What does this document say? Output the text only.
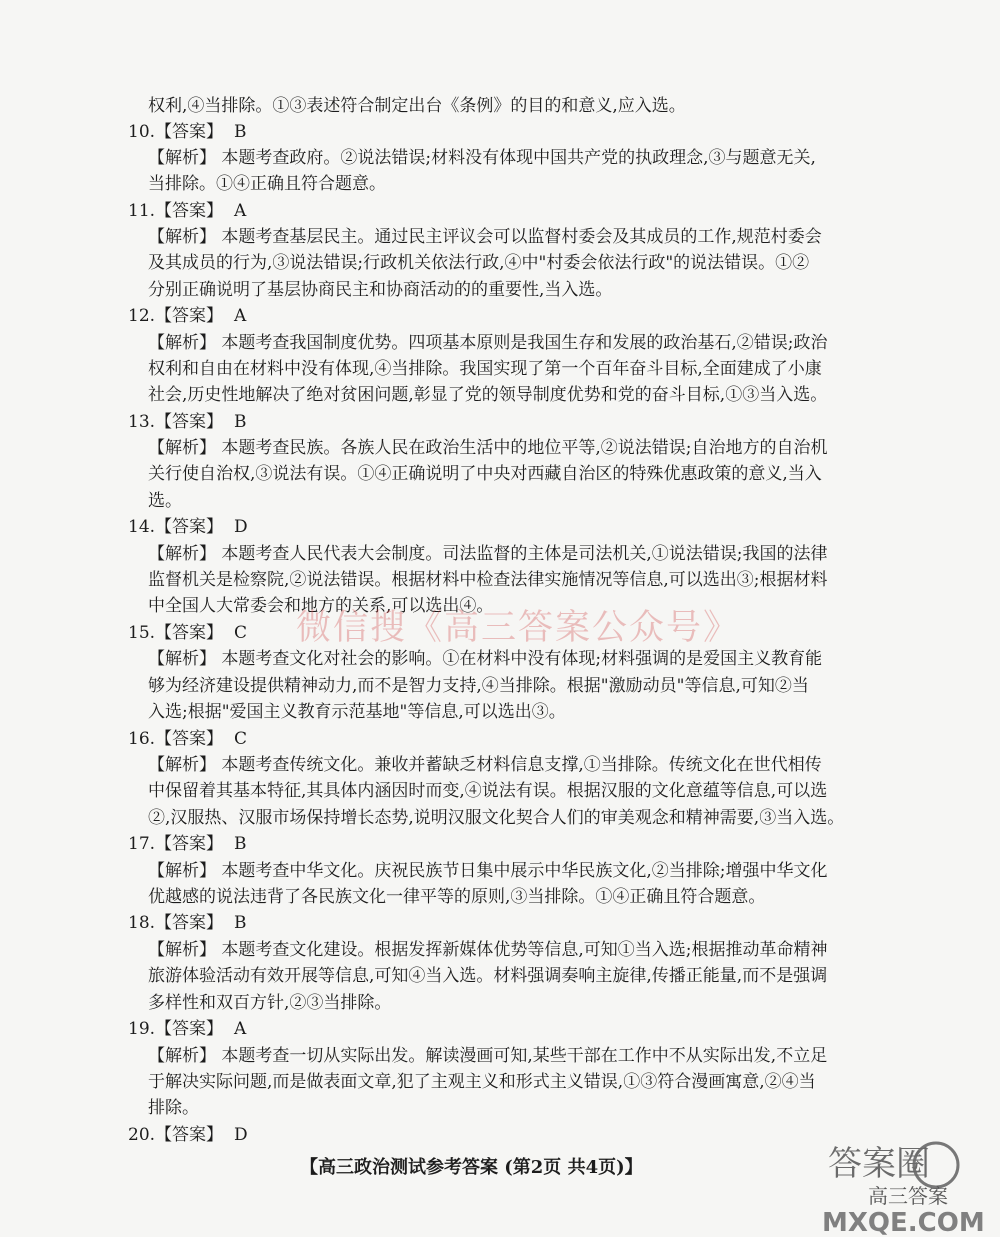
权利,④当排除。①③表述符合制定出台《条例》的目的和意义,应入选。
10.【答案】 B
【解析】 本题考查政府。②说法错误;材料没有体现中国共产党的执政理念,③与题意无关,
当排除。①④正确且符合题意。
11.【答案】 A
【解析】 本题考查基层民主。通过民主评议会可以监督村委会及其成员的工作,规范村委会
及其成员的行为,③说法错误;行政机关依法行政,④中"村委会依法行政"的说法错误。①②
分别正确说明了基层协商民主和协商活动的的重要性,当入选。
12.【答案】 A
【解析】 本题考查我国制度优势。四项基本原则是我国生存和发展的政治基石,②错误;政治
权利和自由在材料中没有体现,④当排除。我国实现了第一个百年奋斗目标,全面建成了小康
社会,历史性地解决了绝对贫困问题,彰显了党的领导制度优势和党的奋斗目标,①③当入选。
13.【答案】 B
【解析】 本题考查民族。各族人民在政治生活中的地位平等,②说法错误;自治地方的自治机
关行使自治权,③说法有误。①④正确说明了中央对西藏自治区的特殊优惠政策的意义,当入
选。
14.【答案】 D
【解析】 本题考查人民代表大会制度。司法监督的主体是司法机关,①说法错误;我国的法律
监督机关是检察院,②说法错误。根据材料中检查法律实施情况等信息,可以选出③;根据材料
中全国人大常委会和地方的关系,可以选出④。
15.【答案】 C
【解析】 本题考查文化对社会的影响。①在材料中没有体现;材料强调的是爱国主义教育能
够为经济建设提供精神动力,而不是智力支持,④当排除。根据"激励动员"等信息,可知②当
入选;根据"爱国主义教育示范基地"等信息,可以选出③。
16.【答案】 C
【解析】 本题考查传统文化。兼收并蓄缺乏材料信息支撑,①当排除。传统文化在世代相传
中保留着其基本特征,其具体内涵因时而变,④说法有误。根据汉服的文化意蕴等信息,可以选
②,汉服热、汉服市场保持增长态势,说明汉服文化契合人们的审美观念和精神需要,③当入选。
17.【答案】 B
【解析】 本题考查中华文化。庆祝民族节日集中展示中华民族文化,②当排除;增强中华文化
优越感的说法违背了各民族文化一律平等的原则,③当排除。①④正确且符合题意。
18.【答案】 B
【解析】 本题考查文化建设。根据发挥新媒体优势等信息,可知①当入选;根据推动革命精神
旅游体验活动有效开展等信息,可知④当入选。材料强调奏响主旋律,传播正能量,而不是强调
多样性和双百方针,②③当排除。
19.【答案】 A
【解析】 本题考查一切从实际出发。解读漫画可知,某些干部在工作中不从实际出发,不立足
于解决实际问题,而是做表面文章,犯了主观主义和形式主义错误,①③符合漫画寓意,②④当
排除。
20.【答案】 D
微信搜《高三答案公众号》
【高三政治测试参考答案 (第2页 共4页)】	答案圈
高三答案
MXQE.COM
